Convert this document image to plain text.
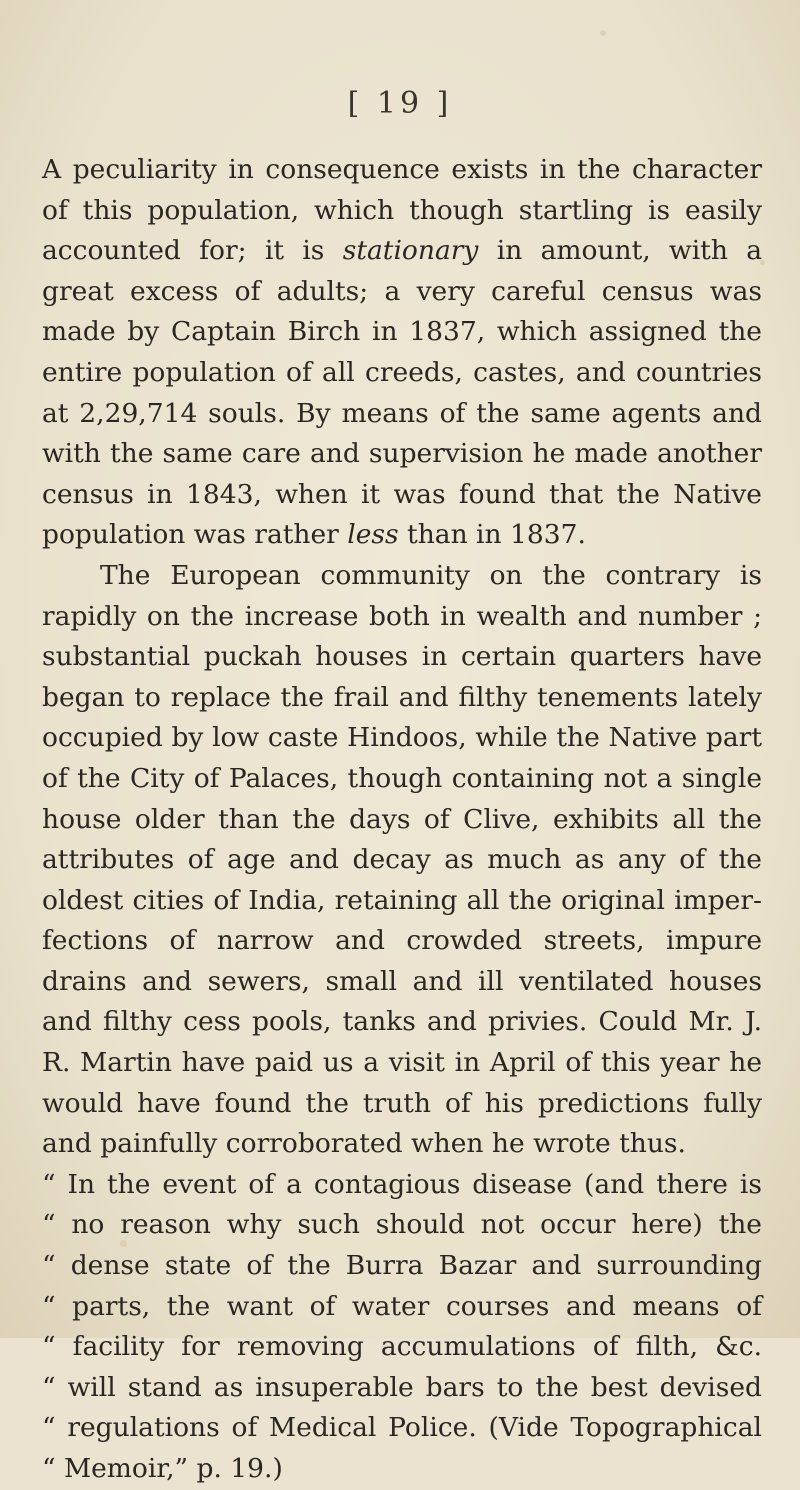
[ 19 ]

A peculiarity in consequence exists in the character of this population, which though startling is easily accounted for; it is stationary in amount, with a great excess of adults; a very careful census was made by Captain Birch in 1837, which assigned the entire population of all creeds, castes, and countries at 2,29,714 souls. By means of the same agents and with the same care and supervision he made another census in 1843, when it was found that the Native population was rather less than in 1837.

The European community on the contrary is rapidly on the increase both in wealth and number ; substantial puckah houses in certain quarters have began to replace the frail and filthy tenements lately occupied by low caste Hindoos, while the Native part of the City of Palaces, though containing not a single house older than the days of Clive, exhibits all the attributes of age and decay as much as any of the oldest cities of India, retaining all the original imper-fections of narrow and crowded streets, impure drains and sewers, small and ill ventilated houses and filthy cess pools, tanks and privies. Could Mr. J. R. Martin have paid us a visit in April of this year he would have found the truth of his predictions fully and painfully corroborated when he wrote thus.

“ In the event of a contagious disease (and there is
“ no reason why such should not occur here) the
“ dense state of the Burra Bazar and surrounding
“ parts, the want of water courses and means of
“ facility for removing accumulations of filth, &c.
“ will stand as insuperable bars to the best devised
“ regulations of Medical Police. (Vide Topographical
“ Memoir,” p. 19.)
